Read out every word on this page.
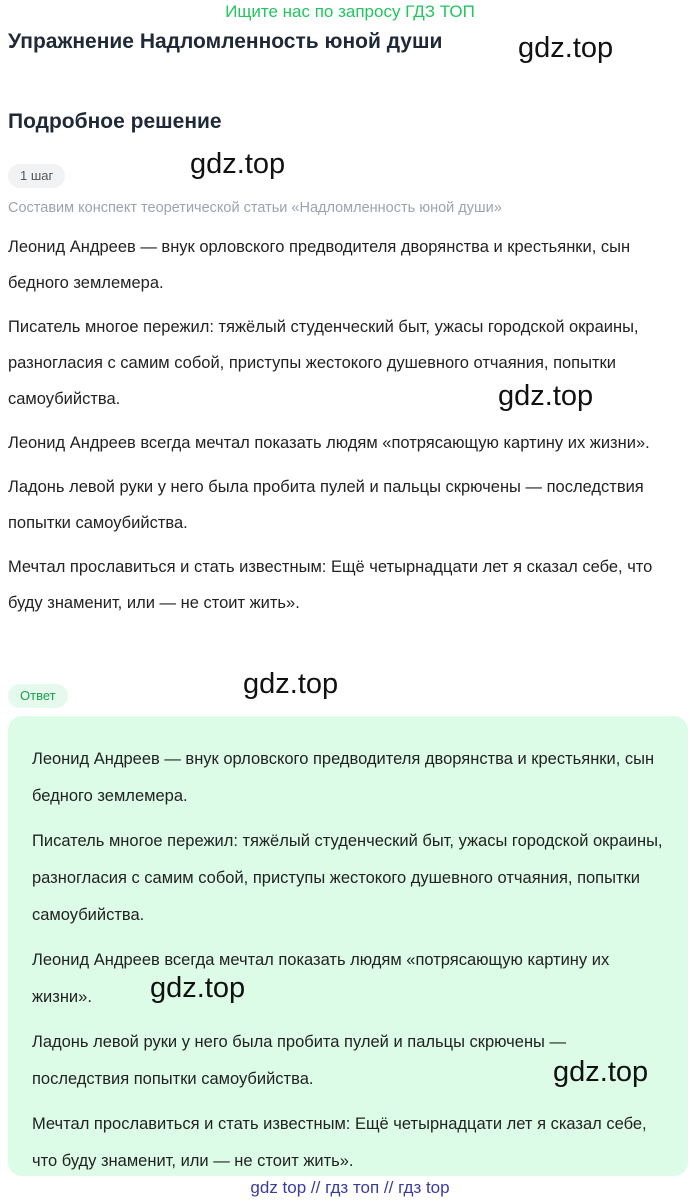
Ищите нас по запросу ГДЗ ТОП
Упражнение Надломленность юной души
Подробное решение
1 шаг
Составим конспект теоретической статьи «Надломленность юной души»

Леонид Андреев — внук орловского предводителя дворянства и крестьянки, сын бедного землемера.

Писатель многое пережил: тяжёлый студенческий быт, ужасы городской окраины, разногласия с самим собой, приступы жестокого душевного отчаяния, попытки самоубийства.

Леонид Андреев всегда мечтал показать людям «потрясающую картину их жизни».

Ладонь левой руки у него была пробита пулей и пальцы скрючены — последствия попытки самоубийства.

Мечтал прославиться и стать известным: Ещё четырнадцати лет я сказал себе, что буду знаменит, или — не стоит жить».

Ответ

Леонид Андреев — внук орловского предводителя дворянства и крестьянки, сын бедного землемера.

Писатель многое пережил: тяжёлый студенческий быт, ужасы городской окраины, разногласия с самим собой, приступы жестокого душевного отчаяния, попытки самоубийства.

Леонид Андреев всегда мечтал показать людям «потрясающую картину их жизни».

Ладонь левой руки у него была пробита пулей и пальцы скрючены — последствия попытки самоубийства.

Мечтал прославиться и стать известным: Ещё четырнадцати лет я сказал себе, что буду знаменит, или — не стоит жить».

gdz.top
gdz.top
gdz.top
gdz.top
gdz.top
gdz.top
gdz top // гдз топ // гдз top
